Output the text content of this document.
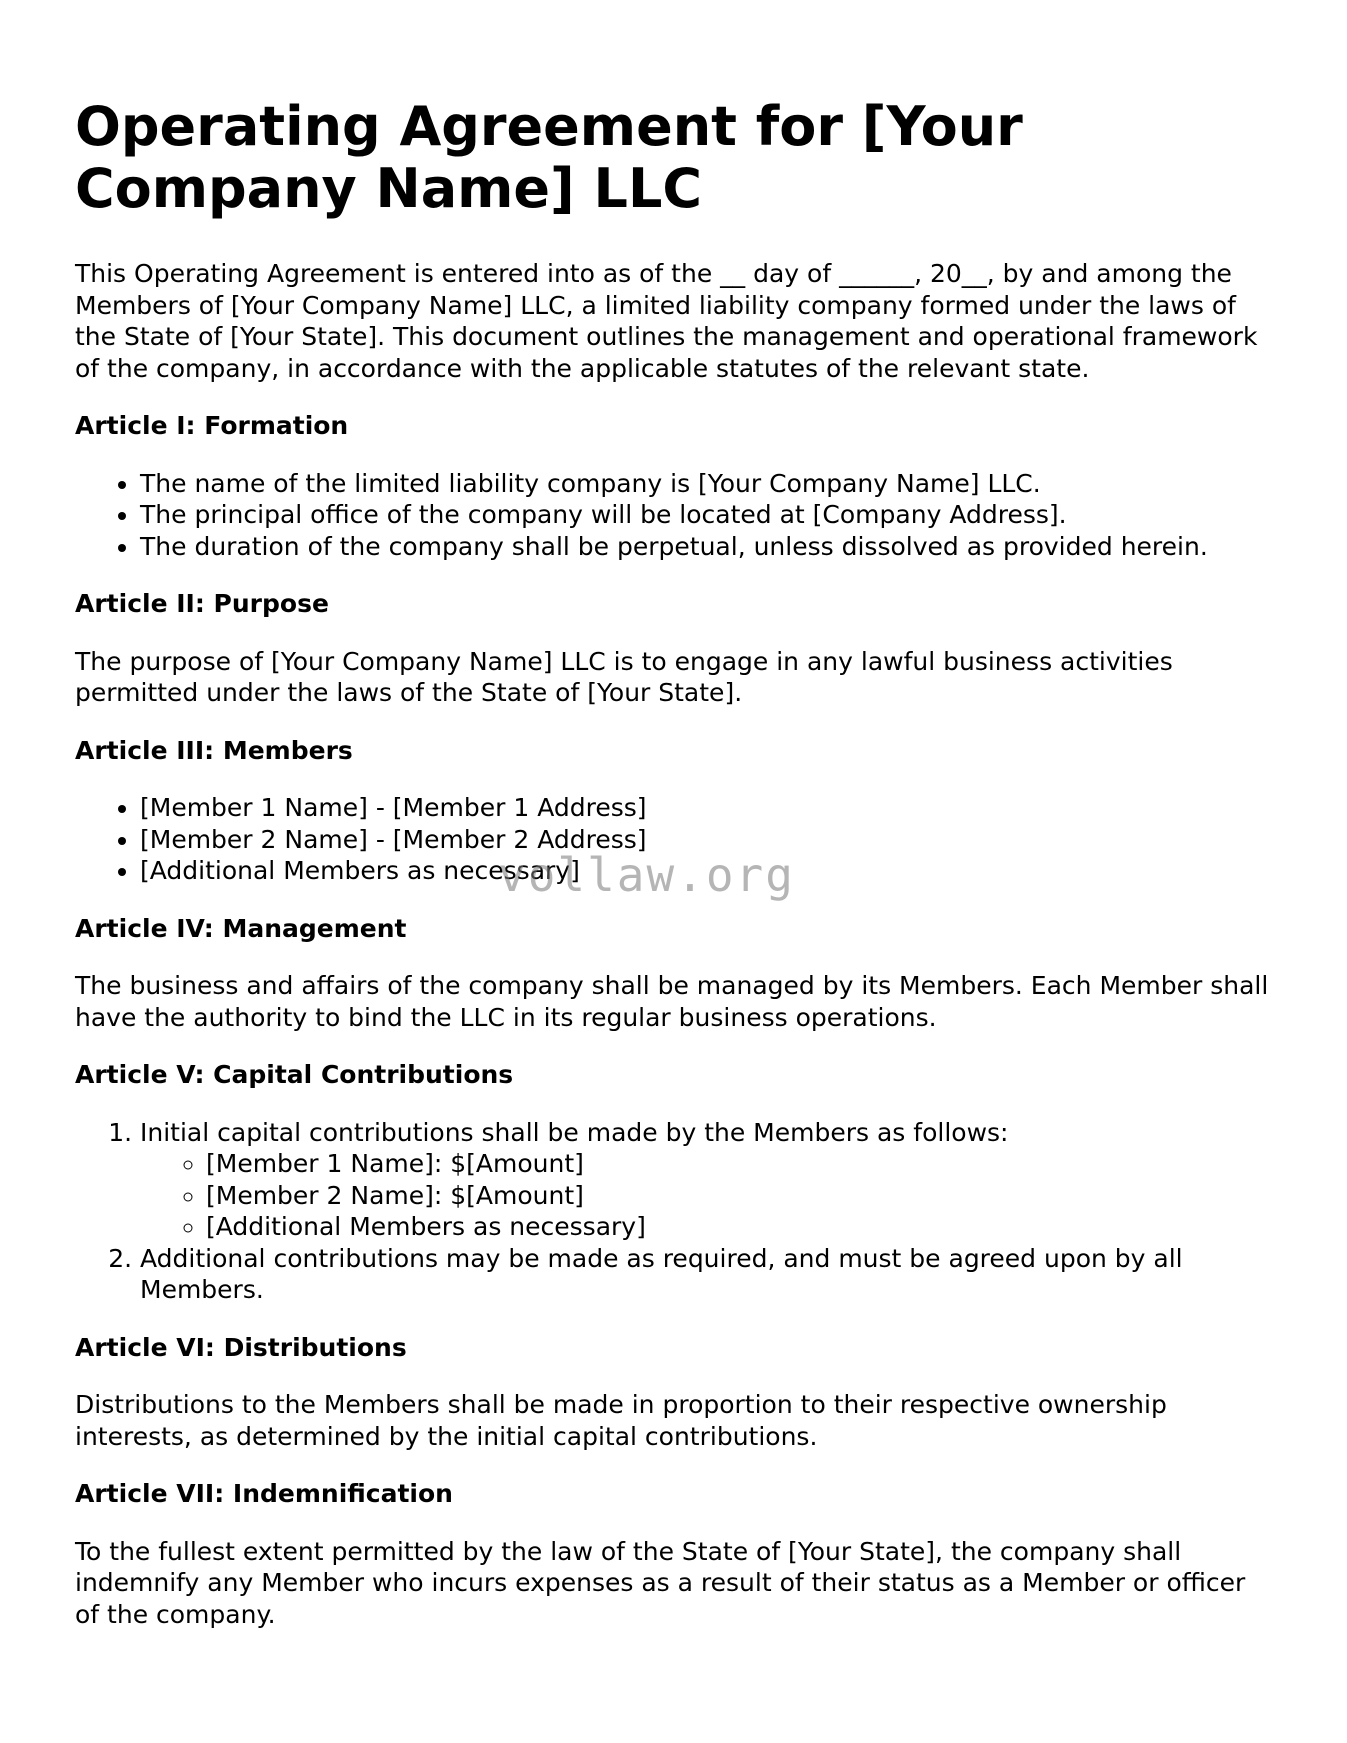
Operating Agreement for [Your Company Name] LLC

This Operating Agreement is entered into as of the __ day of ______, 20__, by and among the Members of [Your Company Name] LLC, a limited liability company formed under the laws of the State of [Your State]. This document outlines the management and operational framework of the company, in accordance with the applicable statutes of the relevant state.

Article I: Formation
• The name of the limited liability company is [Your Company Name] LLC.
• The principal office of the company will be located at [Company Address].
• The duration of the company shall be perpetual, unless dissolved as provided herein.
Article II: Purpose

The purpose of [Your Company Name] LLC is to engage in any lawful business activities permitted under the laws of the State of [Your State].

Article III: Members
• [Member 1 Name] - [Member 1 Address]
• [Member 2 Name] - [Member 2 Address]
• [Additional Members as necessary]
Article IV: Management

The business and affairs of the company shall be managed by its Members. Each Member shall have the authority to bind the LLC in its regular business operations.

Article V: Capital Contributions
1. Initial capital contributions shall be made by the Members as follows:
◦ [Member 1 Name]: $[Amount]
◦ [Member 2 Name]: $[Amount]
◦ [Additional Members as necessary]
2. Additional contributions may be made as required, and must be agreed upon by all Members.
Article VI: Distributions

Distributions to the Members shall be made in proportion to their respective ownership interests, as determined by the initial capital contributions.

Article VII: Indemnification

To the fullest extent permitted by the law of the State of [Your State], the company shall indemnify any Member who incurs expenses as a result of their status as a Member or officer of the company.

vollaw.org
